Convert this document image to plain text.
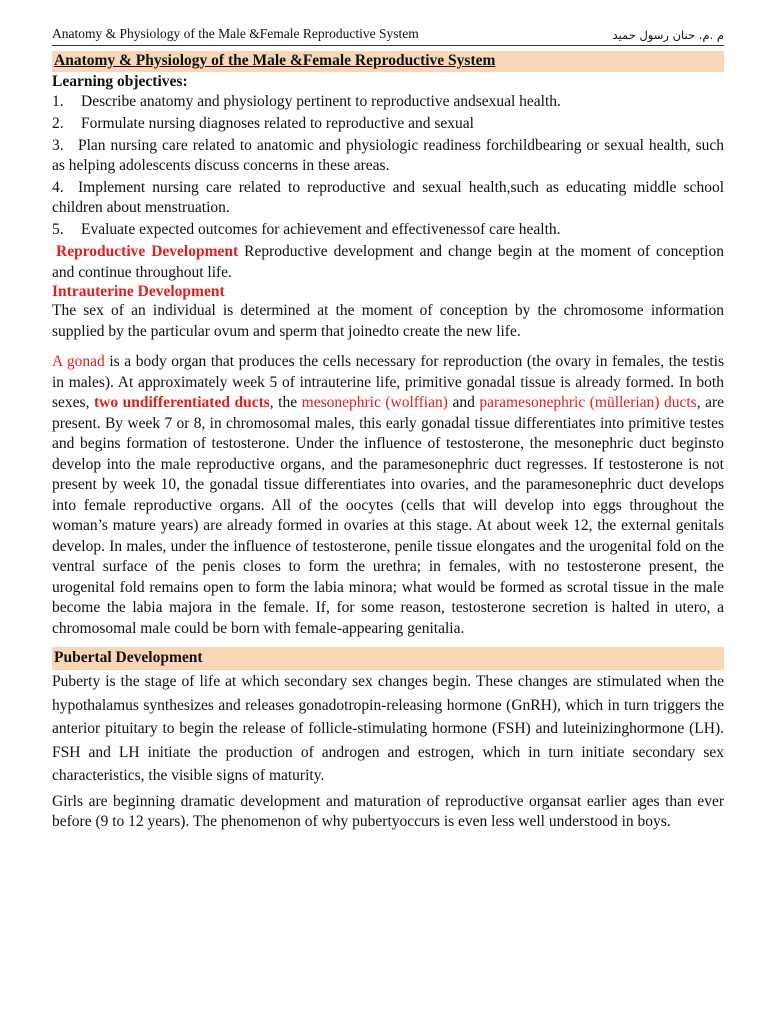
Anatomy & Physiology of the Male &Female Reproductive System	م .م. حنان رسول حميد
Anatomy & Physiology of the Male &Female Reproductive System
Learning objectives:
1. Describe anatomy and physiology pertinent to reproductive andsexual health.
2. Formulate nursing diagnoses related to reproductive and sexual
3. Plan nursing care related to anatomic and physiologic readiness forchildbearing or sexual health, such as helping adolescents discuss concerns in these areas.
4. Implement nursing care related to reproductive and sexual health,such as educating middle school children about menstruation.
5. Evaluate expected outcomes for achievement and effectivenessof care health.

Reproductive Development Reproductive development and change begin at the moment of conception and continue throughout life.

Intrauterine Development

The sex of an individual is determined at the moment of conception by the chromosome information supplied by the particular ovum and sperm that joinedto create the new life.

A gonad is a body organ that produces the cells necessary for reproduction (the ovary in females, the testis in males). At approximately week 5 of intrauterine life, primitive gonadal tissue is already formed. In both sexes, two undifferentiated ducts, the mesonephric (wolffian) and paramesonephric (müllerian) ducts, are present. By week 7 or 8, in chromosomal males, this early gonadal tissue differentiates into primitive testes and begins formation of testosterone. Under the influence of testosterone, the mesonephric duct beginsto develop into the male reproductive organs, and the paramesonephric duct regresses. If testosterone is not present by week 10, the gonadal tissue differentiates into ovaries, and the paramesonephric duct develops into female reproductive organs. All of the oocytes (cells that will develop into eggs throughout the woman’s mature years) are already formed in ovaries at this stage. At about week 12, the external genitals develop. In males, under the influence of testosterone, penile tissue elongates and the urogenital fold on the ventral surface of the penis closes to form the urethra; in females, with no testosterone present, the urogenital fold remains open to form the labia minora; what would be formed as scrotal tissue in the male become the labia majora in the female. If, for some reason, testosterone secretion is halted in utero, a chromosomal male could be born with female-appearing genitalia.

Pubertal Development

Puberty is the stage of life at which secondary sex changes begin. These changes are stimulated when the hypothalamus synthesizes and releases gonadotropin-releasing hormone (GnRH), which in turn triggers the anterior pituitary to begin the release of follicle-stimulating hormone (FSH) and luteinizinghormone (LH). FSH and LH initiate the production of androgen and estrogen, which in turn initiate secondary sex characteristics, the visible signs of maturity.

Girls are beginning dramatic development and maturation of reproductive organsat earlier ages than ever before (9 to 12 years). The phenomenon of why pubertyoccurs is even less well understood in boys.
